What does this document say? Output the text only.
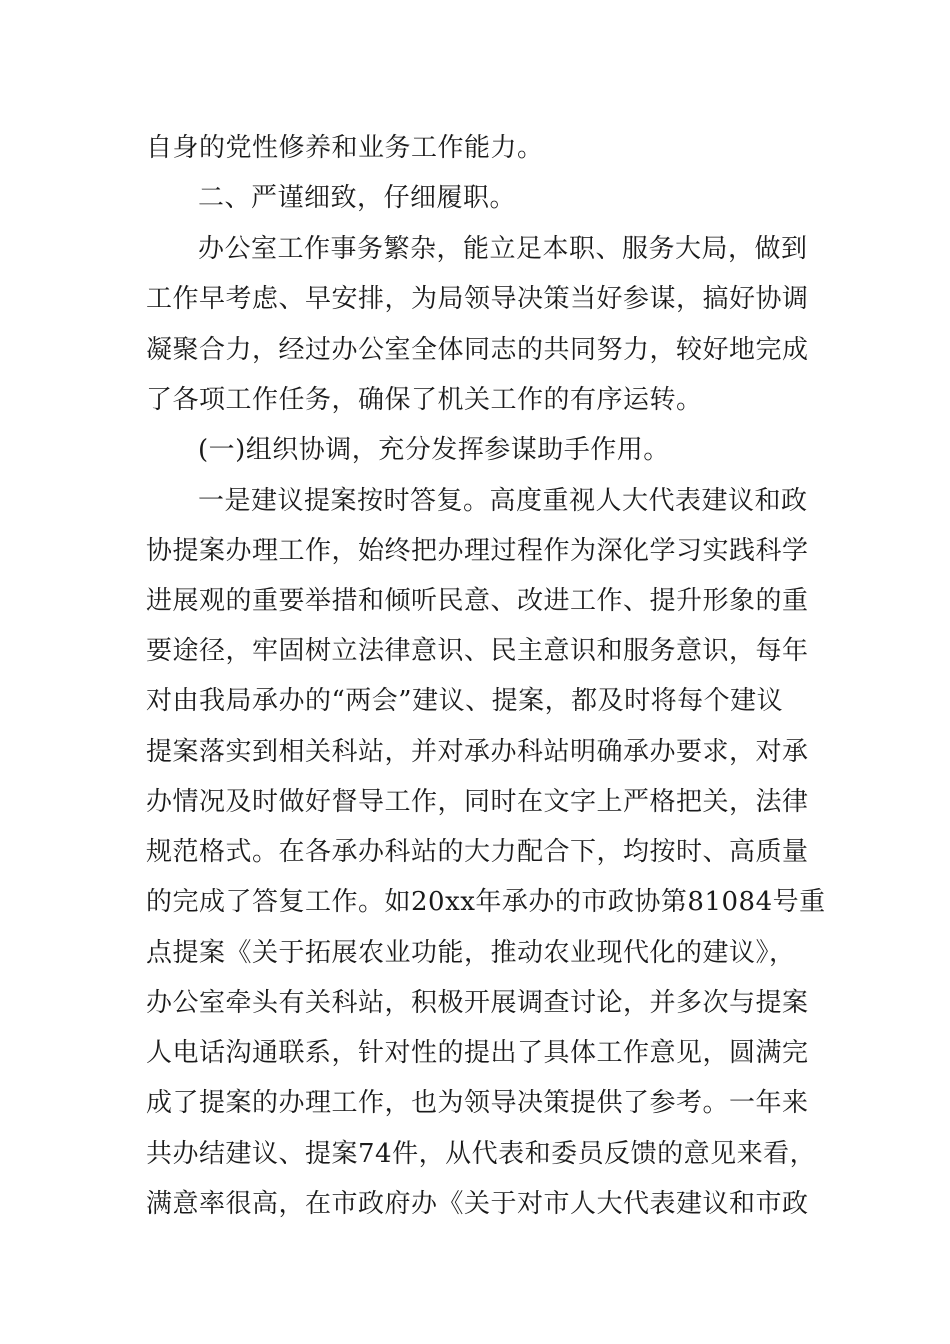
自身的党性修养和业务工作能力。
二、严谨细致，仔细履职。
办公室工作事务繁杂，能立足本职、服务大局，做到
工作早考虑、早安排，为局领导决策当好参谋，搞好协调
凝聚合力，经过办公室全体同志的共同努力，较好地完成
了各项工作任务，确保了机关工作的有序运转。
(一)组织协调，充分发挥参谋助手作用。
一是建议提案按时答复。高度重视人大代表建议和政
协提案办理工作，始终把办理过程作为深化学习实践科学
进展观的重要举措和倾听民意、改进工作、提升形象的重
要途径，牢固树立法律意识、民主意识和服务意识，每年
对由我局承办的“两会”建议、提案，都及时将每个建议
提案落实到相关科站，并对承办科站明确承办要求，对承
办情况及时做好督导工作，同时在文字上严格把关，法律
规范格式。在各承办科站的大力配合下，均按时、高质量
的完成了答复工作。如20xx年承办的市政协第81084号重
点提案《关于拓展农业功能，推动农业现代化的建议》，
办公室牵头有关科站，积极开展调查讨论，并多次与提案
人电话沟通联系，针对性的提出了具体工作意见，圆满完
成了提案的办理工作，也为领导决策提供了参考。一年来
共办结建议、提案74件，从代表和委员反馈的意见来看，
满意率很高，在市政府办《关于对市人大代表建议和市政
